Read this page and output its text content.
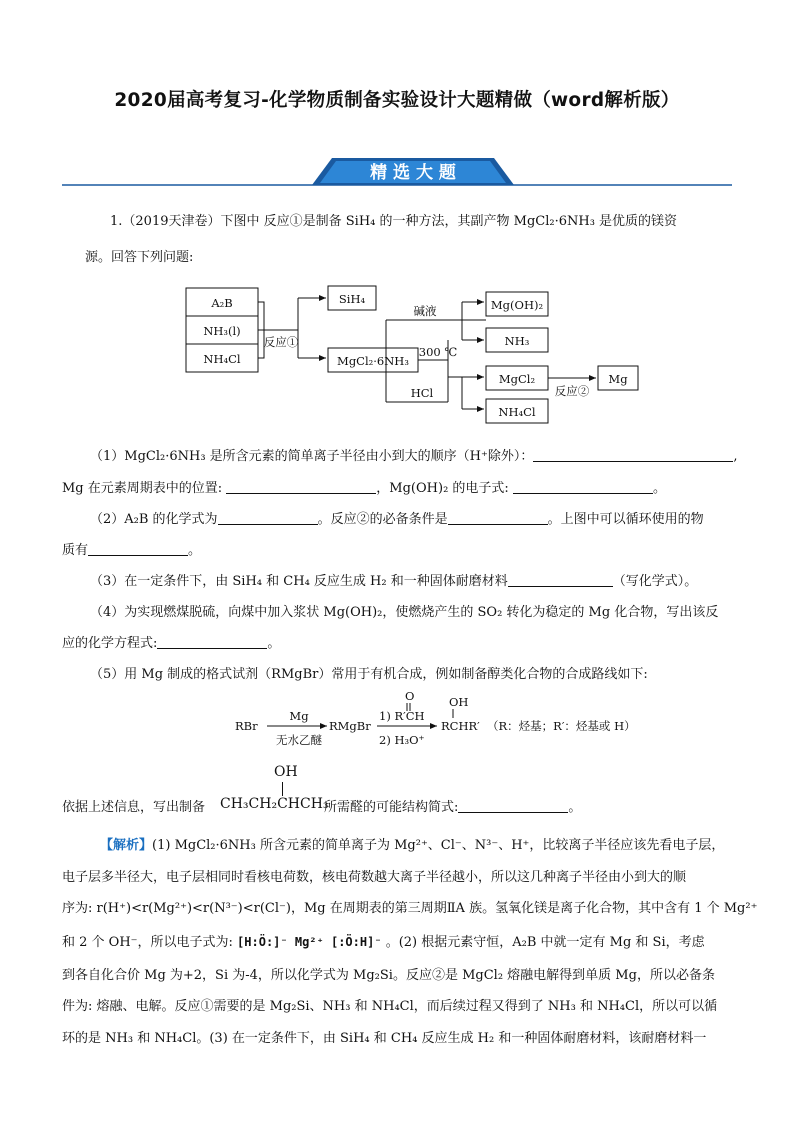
2020届高考复习-化学物质制备实验设计大题精做（word解析版）
精 选 大 题
1.（2019天津卷）下图中 反应①是制备 SiH₄ 的一种方法，其副产物 MgCl₂·6NH₃ 是优质的镁资
源。回答下列问题:
A₂B
NH₃(l)
NH₄Cl
反应①
SiH₄
MgCl₂·6NH₃
碱液
300 ℃
HCl
Mg(OH)₂
NH₃
MgCl₂
NH₄Cl
反应②
Mg
（1）MgCl₂·6NH₃ 是所含元素的简单离子半径由小到大的顺序（H⁺除外）：	,
Mg 在元素周期表中的位置:	，Mg(OH)₂ 的电子式:	。
（2）A₂B 的化学式为	。反应②的必备条件是	。上图中可以循环使用的物
质有	。
（3）在一定条件下，由 SiH₄ 和 CH₄ 反应生成 H₂ 和一种固体耐磨材料	（写化学式）。
（4）为实现燃煤脱硫，向煤中加入浆状 Mg(OH)₂，使燃烧产生的 SO₂ 转化为稳定的 Mg 化合物，写出该反
应的化学方程式:	。
（5）用 Mg 制成的格式试剂（RMgBr）常用于有机合成，例如制备醇类化合物的合成路线如下:
RBr
Mg
无水乙醚
RMgBr
1) R′CH
O
2) H₃O⁺
RCHR′
OH
（R：烃基；R′：烃基或 H）
依据上述信息，写出制备 CH₃CH₂CHCH₃
OH
所需醛的可能结构简式:	。
【解析】(1) MgCl₂·6NH₃ 所含元素的简单离子为 Mg²⁺、Cl⁻、N³⁻、H⁺，比较离子半径应该先看电子层，
电子层多半径大，电子层相同时看核电荷数，核电荷数越大离子半径越小，所以这几种离子半径由小到大的顺
序为: r(H⁺)<r(Mg²⁺)<r(N³⁻)<r(Cl⁻)，Mg 在周期表的第三周期ⅡA 族。氢氧化镁是离子化合物，其中含有 1 个 Mg²⁺
和 2 个 OH⁻，所以电子式为: [H:Ö:]⁻ Mg²⁺ [:Ö:H]⁻ 。(2) 根据元素守恒，A₂B 中就一定有 Mg 和 Si，考虑
到各自化合价 Mg 为+2，Si 为-4，所以化学式为 Mg₂Si。反应②是 MgCl₂ 熔融电解得到单质 Mg，所以必备条
件为: 熔融、电解。反应①需要的是 Mg₂Si、NH₃ 和 NH₄Cl，而后续过程又得到了 NH₃ 和 NH₄Cl，所以可以循
环的是 NH₃ 和 NH₄Cl。(3) 在一定条件下，由 SiH₄ 和 CH₄ 反应生成 H₂ 和一种固体耐磨材料，该耐磨材料一
